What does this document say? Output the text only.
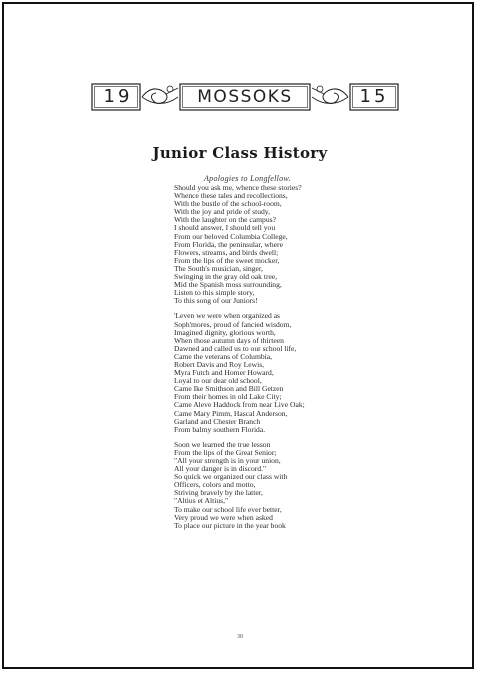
19	MOSSOKS	15
Junior Class History
Apologies to Longfellow.
Should you ask me, whence these stories?
Whence these tales and recollections,
With the bustle of the school-room,
With the joy and pride of study,
With the laughter on the campus?
I should answer, I should tell you
From our beloved Columbia College,
From Florida, the peninsular, where
Flowers, streams, and birds dwell;
From the lips of the sweet mocker,
The South's musician, singer,
Swinging in the gray old oak tree,
Mid the Spanish moss surrounding,
Listen to this simple story,
To this song of our Juniors!
'Leven we were when organized as
Soph'mores, proud of fancied wisdom,
Imagined dignity, glorious worth,
When those autumn days of thirteen
Dawned and called us to our school life,
Came the veterans of Columbia,
Robert Davis and Roy Lewis,
Myra Futch and Homer Howard,
Loyal to our dear old school,
Came Ike Smithson and Bill Getzen
From their homes in old Lake City;
Came Aleve Haddock from near Live Oak;
Came Mary Pimm, Hascal Anderson,
Garland and Chester Branch
From balmy southern Florida.
Soon we learned the true lesson
From the lips of the Great Senior;
"All your strength is in your union,
All your danger is in discord."
So quick we organized our class with
Officers, colors and motto,
Striving bravely by the latter,
"Altius et Altius,"
To make our school life ever better,
Very proud we were when asked
To place our picture in the year book
30
